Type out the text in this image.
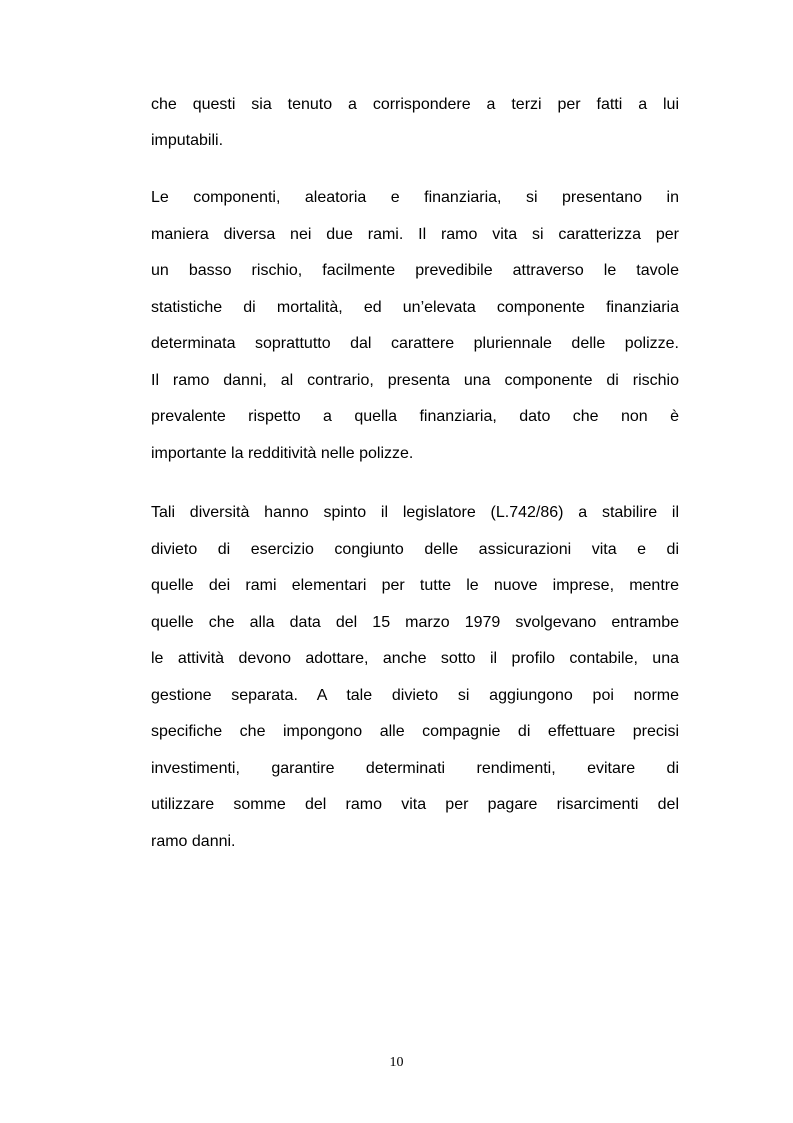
che questi sia tenuto a corrispondere a terzi per fatti a lui
imputabili.
Le componenti, aleatoria e finanziaria, si presentano in
maniera diversa nei due rami. Il ramo vita si caratterizza per
un basso rischio, facilmente prevedibile attraverso le tavole
statistiche di mortalità, ed un’elevata componente finanziaria
determinata soprattutto dal carattere pluriennale delle polizze.
Il ramo danni, al contrario, presenta una componente di rischio
prevalente rispetto a quella finanziaria, dato che non è
importante la redditività nelle polizze.
Tali diversità hanno spinto il legislatore (L.742/86) a stabilire il
divieto di esercizio congiunto delle assicurazioni vita e di
quelle dei rami elementari per tutte le nuove imprese, mentre
quelle che alla data del 15 marzo 1979 svolgevano entrambe
le attività devono adottare, anche sotto il profilo contabile, una
gestione separata. A tale divieto si aggiungono poi norme
specifiche che impongono alle compagnie di effettuare precisi
investimenti, garantire determinati rendimenti, evitare di
utilizzare somme del ramo vita per pagare risarcimenti del
ramo danni.
10
